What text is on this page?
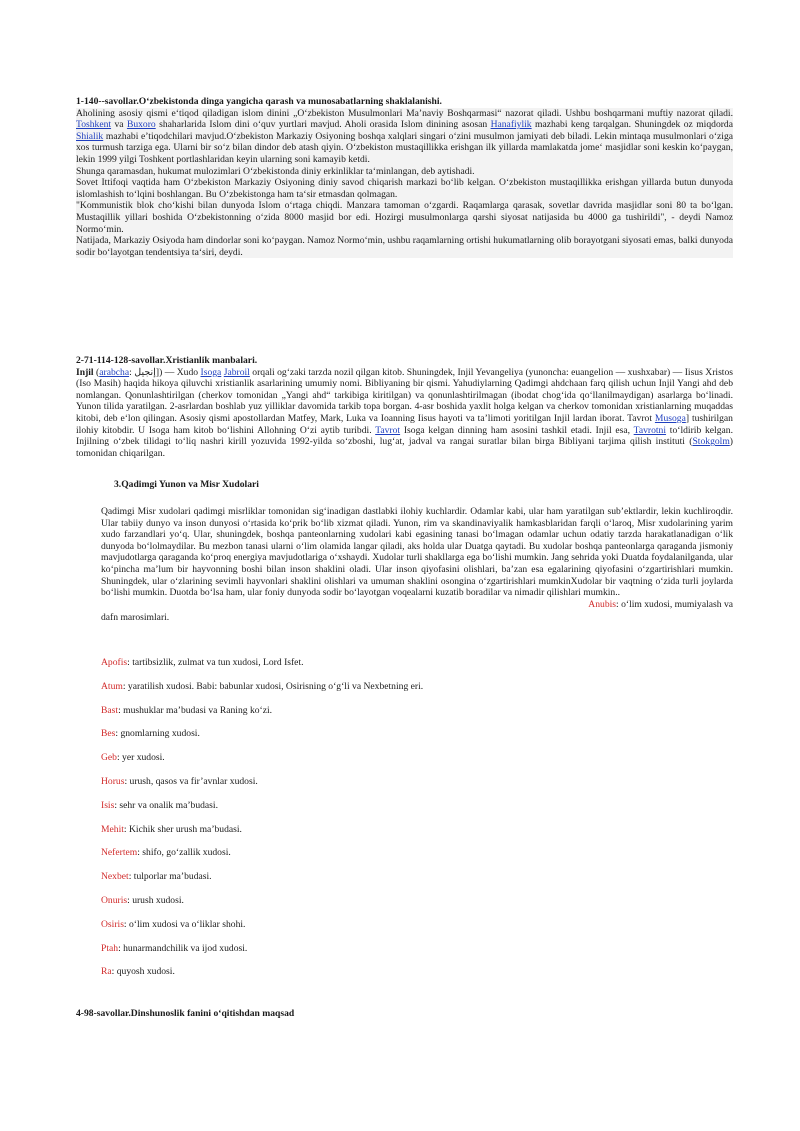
1-140--savollar.O‘zbekistonda dinga yangicha qarash va munosabatlarning shaklalanishi.

Aholining asosiy qismi e‘tiqod qiladigan islom dinini „O‘zbekiston Musulmonlari Ma’naviy Boshqarmasi“ nazorat qiladi. Ushbu boshqarmani muftiy nazorat qiladi. Toshkent va Buxoro shaharlarida Islom dini o‘quv yurtlari mavjud. Aholi orasida Islom dinining asosan Hanafiylik mazhabi keng tarqalgan. Shuningdek oz miqdorda Shialik mazhabi e’tiqodchilari mavjud.O‘zbekiston Markaziy Osiyoning boshqa xalqlari singari o‘zini musulmon jamiyati deb biladi. Lekin mintaqa musulmonlari o‘ziga xos turmush tarziga ega. Ularni bir so‘z bilan dindor deb atash qiyin. O‘zbekiston mustaqillikka erishgan ilk yillarda mamlakatda jome‘ masjidlar soni keskin ko‘paygan, lekin 1999 yilgi Toshkent portlashlaridan keyin ularning soni kamayib ketdi.

Shunga qaramasdan, hukumat mulozimlari O‘zbekistonda diniy erkinliklar ta‘minlangan, deb aytishadi.

Sovet Ittifoqi vaqtida ham O‘zbekiston Markaziy Osiyoning diniy savod chiqarish markazi bo‘lib kelgan. O‘zbekiston mustaqillikka erishgan yillarda butun dunyoda islomlashish to‘lqini boshlangan. Bu O‘zbekistonga ham ta‘sir etmasdan qolmagan.

"Kommunistik blok cho‘kishi bilan dunyoda Islom o‘rtaga chiqdi. Manzara tamoman o‘zgardi. Raqamlarga qarasak, sovetlar davrida masjidlar soni 80 ta bo‘lgan. Mustaqillik yillari boshida O‘zbekistonning o‘zida 8000 masjid bor edi. Hozirgi musulmonlarga qarshi siyosat natijasida bu 4000 ga tushirildi", - deydi Namoz Normo‘min.

Natijada, Markaziy Osiyoda ham dindorlar soni ko‘paygan. Namoz Normo‘min, ushbu raqamlarning ortishi hukumatlarning olib borayotgani siyosati emas, balki dunyoda sodir bo‘layotgan tendentsiya ta‘siri, deydi.

2-71-114-128-savollar.Xristianlik manbalari.

Injil (arabcha: إنجيل‎]) — Xudo Isoga Jabroil orqali og‘zaki tarzda nozil qilgan kitob. Shuningdek, Injil Yevangeliya (yunoncha: euangelion — xushxabar) — Iisus Xristos (Iso Masih) haqida hikoya qiluvchi xristianlik asarlarining umumiy nomi. Bibliyaning bir qismi. Yahudiylarning Qadimgi ahdchaan farq qilish uchun Injil Yangi ahd deb nomlangan. Qonunlashtirilgan (cherkov tomonidan „Yangi ahd“ tarkibiga kiritilgan) va qonunlashtirilmagan (ibodat chog‘ida qo‘llanilmaydigan) asarlarga bo‘linadi. Yunon tilida yaratilgan. 2-asrlardan boshlab yuz yilliklar davomida tarkib topa borgan. 4-asr boshida yaxlit holga kelgan va cherkov tomonidan xristianlarning muqaddas kitobi, deb e‘lon qilingan. Asosiy qismi apostollardan Matfey, Mark, Luka va Ioanning Iisus hayoti va ta’limoti yoritilgan Injil lardan iborat. Tavrot Musoga] tushirilgan ilohiy kitobdir. U Isoga ham kitob bo‘lishini Allohning O‘zi aytib turibdi. Tavrot Isoga kelgan dinning ham asosini tashkil etadi. Injil esa, Tavrotni to‘ldirib kelgan. Injilning o‘zbek tilidagi to‘liq nashri kirill yozuvida 1992-yilda so‘zboshi, lug‘at, jadval va rangai suratlar bilan birga Bibliyani tarjima qilish instituti (Stokgolm) tomonidan chiqarilgan.

3.Qadimgi Yunon va Misr Xudolari

Qadimgi Misr xudolari qadimgi misrliklar tomonidan sig‘inadigan dastlabki ilohiy kuchlardir. Odamlar kabi, ular ham yaratilgan sub’ektlardir, lekin kuchliroqdir. Ular tabiiy dunyo va inson dunyosi o‘rtasida ko‘prik bo‘lib xizmat qiladi. Yunon, rim va skandinaviyalik hamkasblaridan farqli o‘laroq, Misr xudolarining yarim xudo farzandlari yo‘q. Ular, shuningdek, boshqa panteonlarning xudolari kabi egasining tanasi bo‘lmagan odamlar uchun odatiy tarzda harakatlanadigan o‘lik dunyoda bo‘lolmaydilar. Bu mezbon tanasi ularni o‘lim olamida langar qiladi, aks holda ular Duatga qaytadi. Bu xudolar boshqa panteonlarga qaraganda jismoniy mavjudotlarga qaraganda ko‘proq energiya mavjudotlariga o‘xshaydi. Xudolar turli shakllarga ega bo‘lishi mumkin. Jang sehrida yoki Duatda foydalanilganda, ular ko‘pincha ma’lum bir hayvonning boshi bilan inson shaklini oladi. Ular inson qiyofasini olishlari, ba’zan esa egalarining qiyofasini o‘zgartirishlari mumkin. Shuningdek, ular o‘zlarining sevimli hayvonlari shaklini olishlari va umuman shaklini osongina o‘zgartirishlari mumkinXudolar bir vaqtning o‘zida turli joylarda bo‘lishi mumkin. Duotda bo‘lsa ham, ular foniy dunyoda sodir bo‘layotgan voqealarni kuzatib boradilar va nimadir qilishlari mumkin..

Anubis: o‘lim xudosi, mumiyalash va
dafn marosimlari.
Apofis: tartibsizlik, zulmat va tun xudosi, Lord Isfet.
Atum: yaratilish xudosi. Babi: babunlar xudosi, Osirisning o‘g‘li va Nexbetning eri.
Bast: mushuklar ma’budasi va Raning ko‘zi.
Bes: gnomlarning xudosi.
Geb: yer xudosi.
Horus: urush, qasos va fir’avnlar xudosi.
Isis: sehr va onalik ma’budasi.
Mehit: Kichik sher urush ma’budasi.
Nefertem: shifo, go‘zallik xudosi.
Nexbet: tulporlar ma’budasi.
Onuris: urush xudosi.
Osiris: o‘lim xudosi va o‘liklar shohi.
Ptah: hunarmandchilik va ijod xudosi.
Ra: quyosh xudosi.
4-98-savollar.Dinshunoslik fanini o‘qitishdan maqsad
